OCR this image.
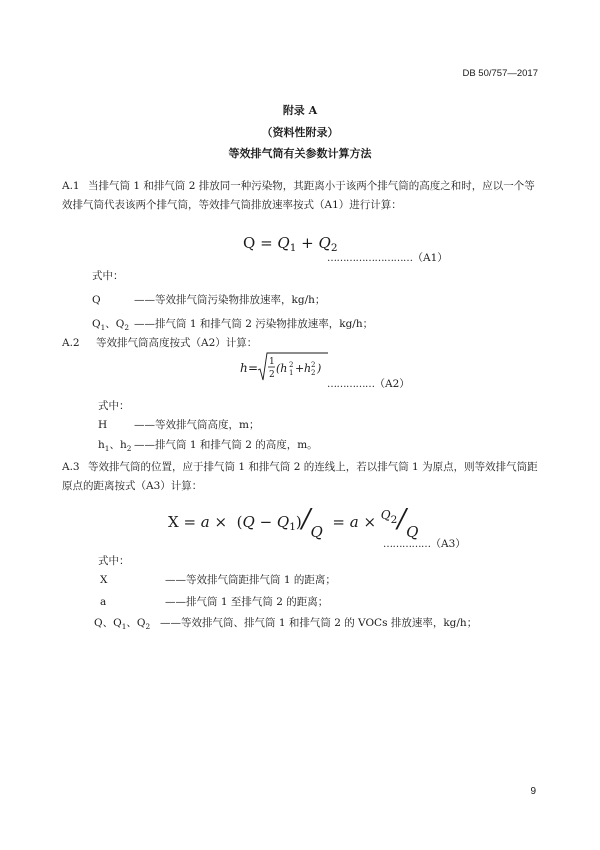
DB 50/757—2017
附录 A
（资料性附录）
等效排气筒有关参数计算方法
A.1 当排气筒 1 和排气筒 2 排放同一种污染物，其距离小于该两个排气筒的高度之和时，应以一个等
效排气筒代表该两个排气筒，等效排气筒排放速率按式（A1）进行计算：
$Q = Q_1 + Q_2$
………………………（A1）
式中：
Q	——等效排气筒污染物排放速率，kg/h；
$Q_1$、$Q_2$ ——排气筒 1 和排气筒 2 污染物排放速率，kg/h；
A.2 等效排气筒高度按式（A2）计算：
h = 1
2 (h 2
1 + h 2
2 )
……………（A2）
式中：
H	——等效排气筒高度，m；
$h_1$、$h_2$ ——排气筒 1 和排气筒 2 的高度，m。
A.3 等效排气筒的位置，应于排气筒 1 和排气筒 2 的连线上，若以排气筒 1 为原点，则等效排气筒距
原点的距离按式（A3）计算：
$X = a \times (Q - Q_1)/Q = a \times ^Q_2/Q$
……………（A3）
式中：
X	——等效排气筒距排气筒 1 的距离；
a	——排气筒 1 至排气筒 2 的距离；
Q、$Q_1$、$Q_2$ ——等效排气筒、排气筒 1 和排气筒 2 的 VOCs 排放速率，kg/h；
9
